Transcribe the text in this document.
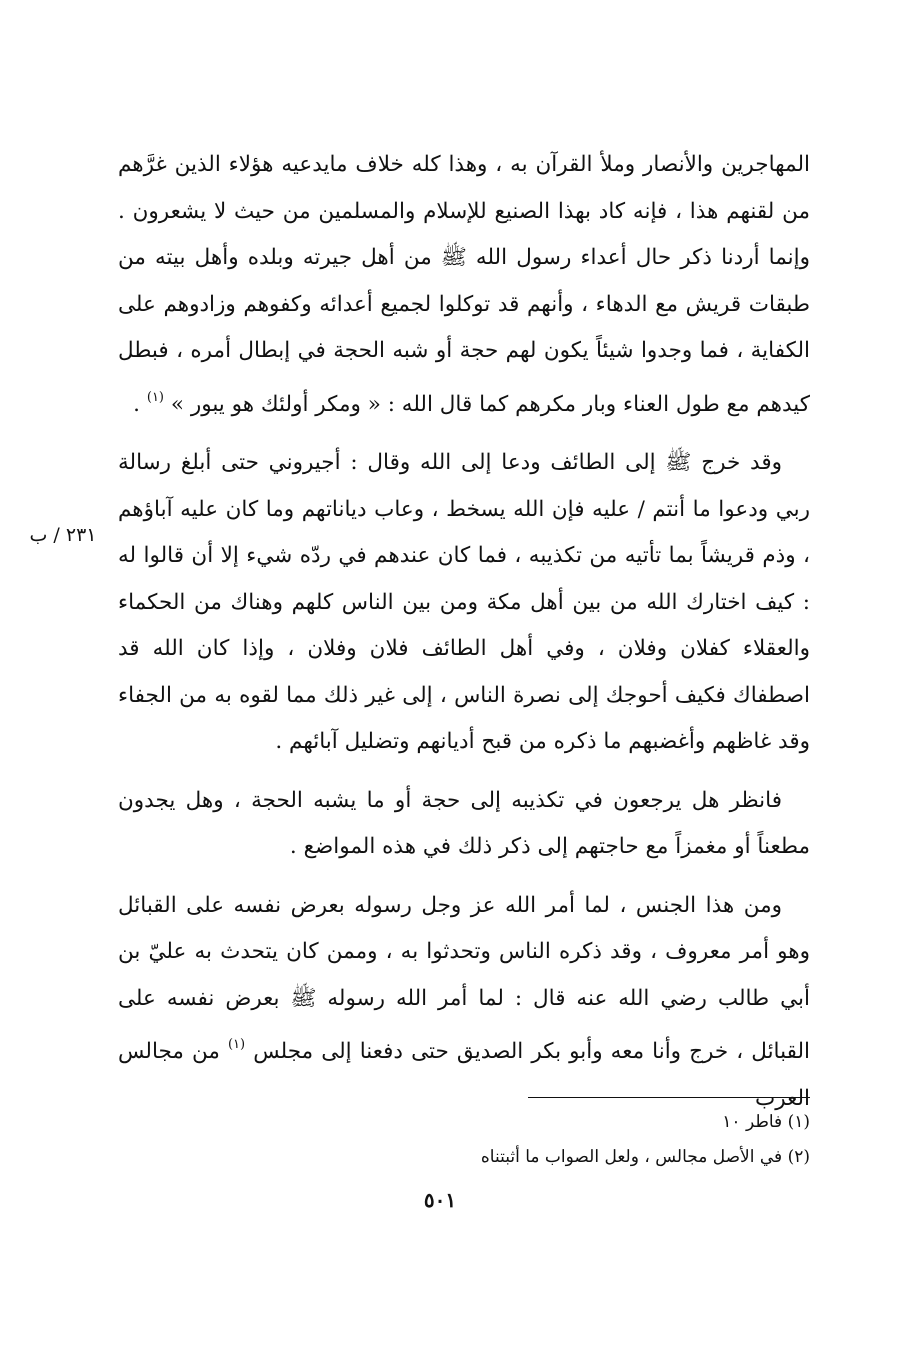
المهاجرين والأنصار وملأ القرآن به ، وهذا كله خلاف مايدعيه هؤلاء الذين غرَّهم من لقنهم هذا ، فإنه كاد بهذا الصنيع للإسلام والمسلمين من حيث لا يشعرون . وإنما أردنا ذكر حال أعداء رسول الله ﷺ من أهل جيرته وبلده وأهل بيته من طبقات قريش مع الدهاء ، وأنهم قد توكلوا لجميع أعدائه وكفوهم وزادوهم على الكفاية ، فما وجدوا شيئاً يكون لهم حجة أو شبه الحجة في إبطال أمره ، فبطل كيدهم مع طول العناء وبار مكرهم كما قال الله : « ومكر أولئك هو يبور » $^{(١)}$ .

وقد خرج ﷺ إلى الطائف ودعا إلى الله وقال : أجيروني حتى أبلغ رسالة ربي ودعوا ما أنتم / عليه فإن الله يسخط ، وعاب دياناتهم وما كان عليه آباؤهم ، وذم قريشاً بما تأتيه من تكذيبه ، فما كان عندهم في ردّه شيء إلا أن قالوا له : كيف اختارك الله من بين أهل مكة ومن بين الناس كلهم وهناك من الحكماء والعقلاء كفلان وفلان ، وفي أهل الطائف فلان وفلان ، وإذا كان الله قد اصطفاك فكيف أحوجك إلى نصرة الناس ، إلى غير ذلك مما لقوه به من الجفاء وقد غاظهم وأغضبهم ما ذكره من قبح أديانهم وتضليل آبائهم .

فانظر هل يرجعون في تكذيبه إلى حجة أو ما يشبه الحجة ، وهل يجدون مطعناً أو مغمزاً مع حاجتهم إلى ذكر ذلك في هذه المواضع .

ومن هذا الجنس ، لما أمر الله عز وجل رسوله بعرض نفسه على القبائل وهو أمر معروف ، وقد ذكره الناس وتحدثوا به ، وممن كان يتحدث به عليّ بن أبي طالب رضي الله عنه قال : لما أمر الله رسوله ﷺ بعرض نفسه على القبائل ، خرج وأنا معه وأبو بكر الصديق حتى دفعنا إلى مجلس $^{(١)}$ من مجالس العرب

٢٣١ / ب
(١) فاطر ١٠
(٢) في الأصل مجالس ، ولعل الصواب ما أثبتناه
٥٠١
